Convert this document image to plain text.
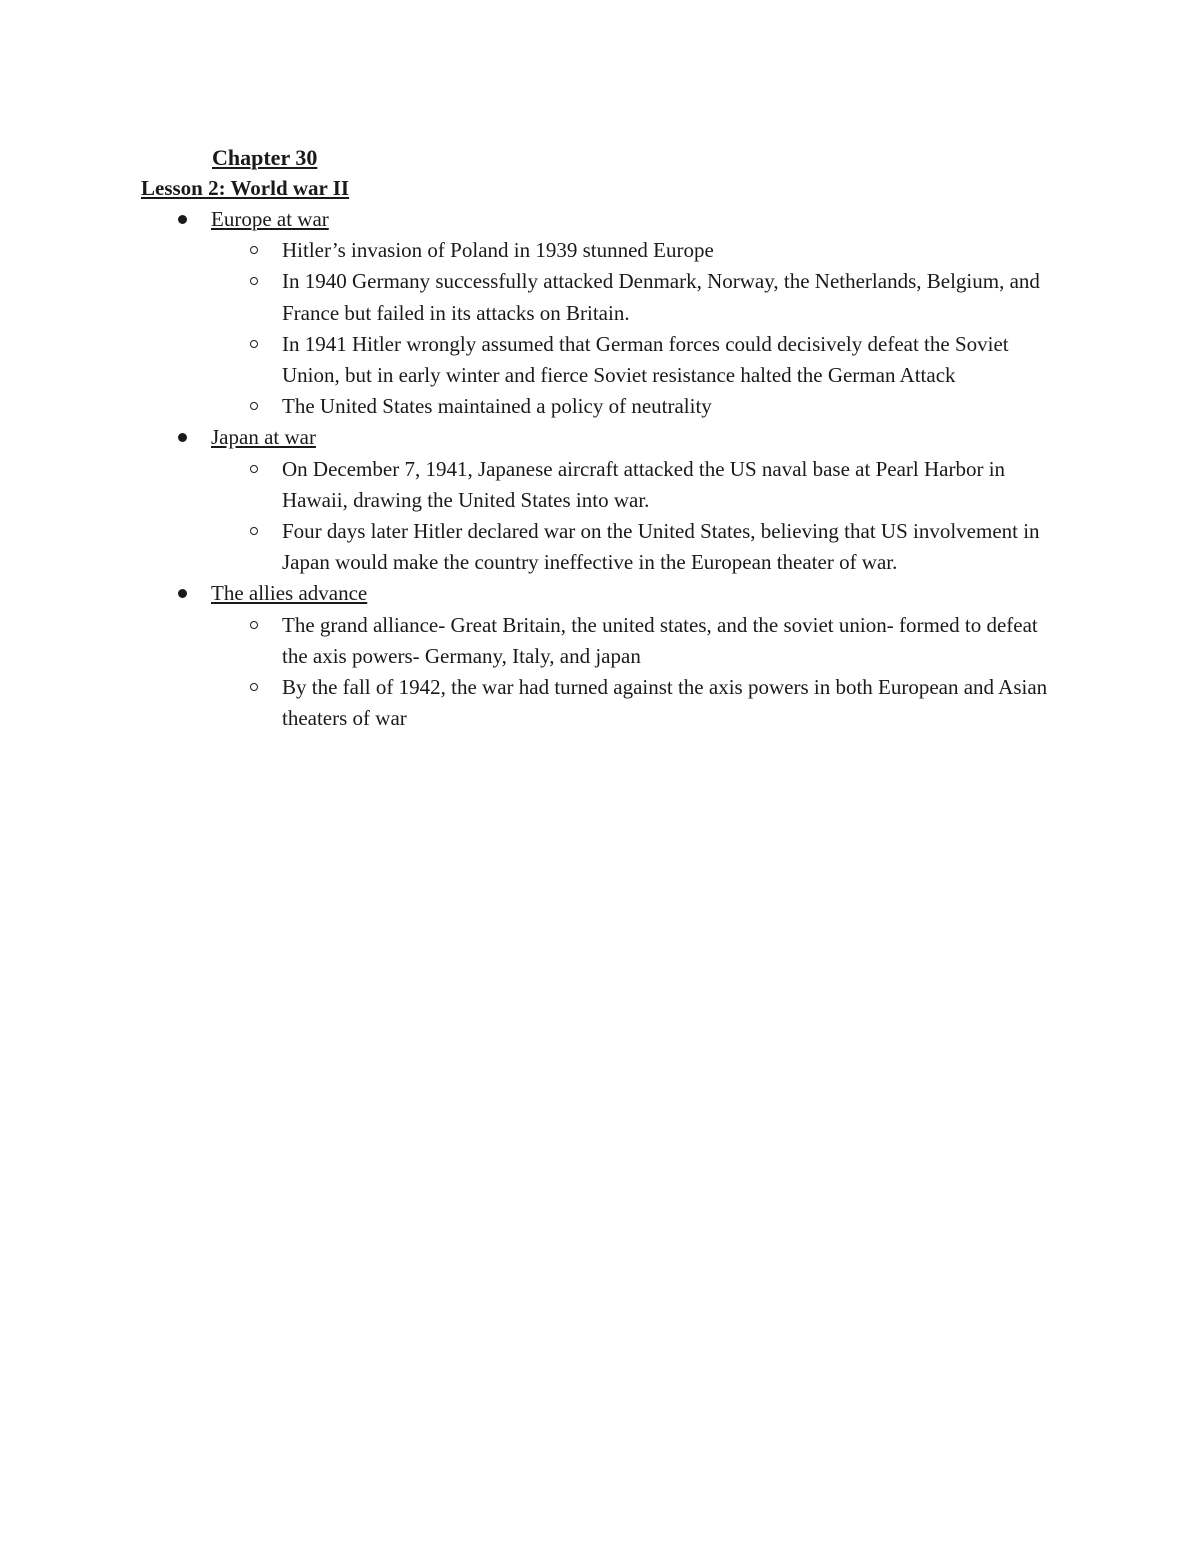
Chapter 30
Lesson 2: World war II
Europe at war
Hitler’s invasion of Poland in 1939 stunned Europe
In 1940 Germany successfully attacked Denmark, Norway, the Netherlands, Belgium, and France but failed in its attacks on Britain.
In 1941 Hitler wrongly assumed that German forces could decisively defeat the Soviet Union, but in early winter and fierce Soviet resistance halted the German Attack
The United States maintained a policy of neutrality
Japan at war
On December 7, 1941, Japanese aircraft attacked the US naval base at Pearl Harbor in Hawaii, drawing the United States into war.
Four days later Hitler declared war on the United States, believing that US involvement in Japan would make the country ineffective in the European theater of war.
The allies advance
The grand alliance- Great Britain, the united states, and the soviet union- formed to defeat the axis powers- Germany, Italy, and japan
By the fall of 1942, the war had turned against the axis powers in both European and Asian theaters of war
